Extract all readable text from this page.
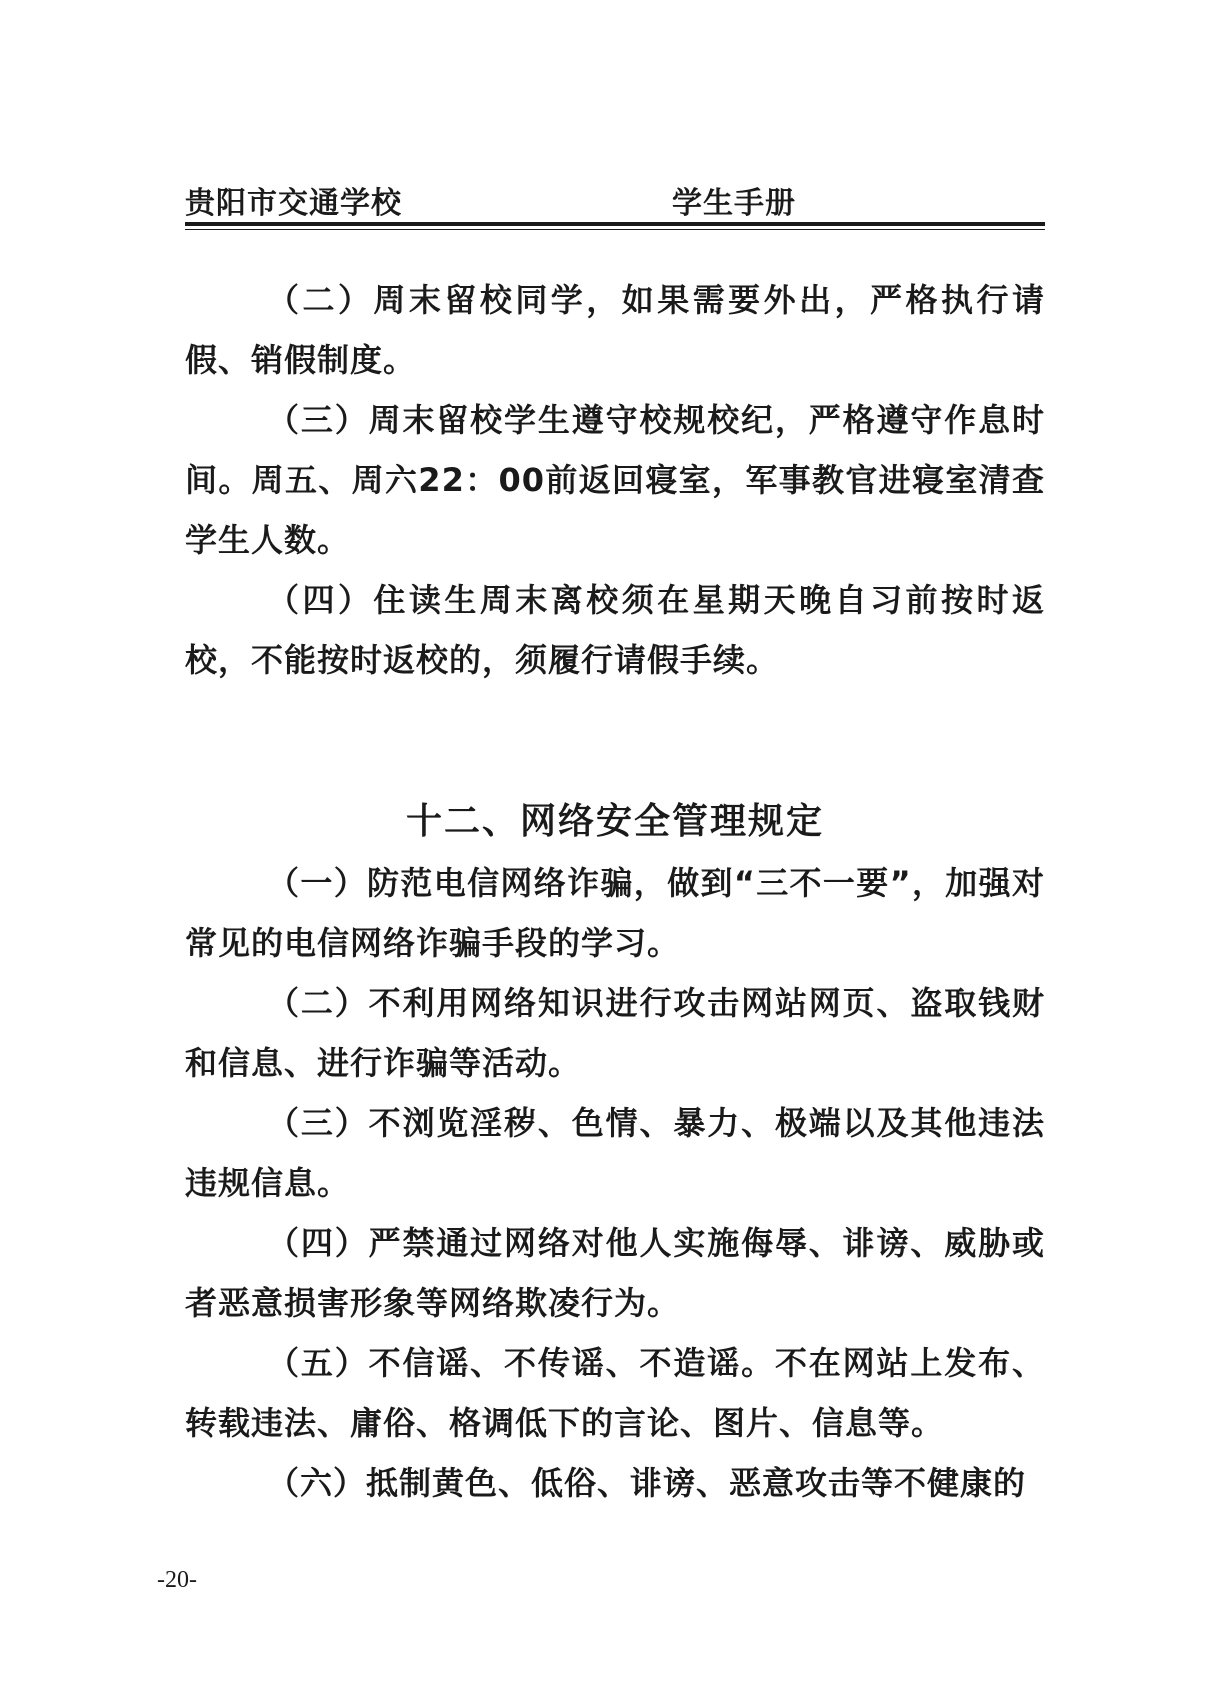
贵阳市交通学校	学生手册

（二）周末留校同学，如果需要外出，严格执行请假、销假制度。

（三）周末留校学生遵守校规校纪，严格遵守作息时间。周五、周六22：00前返回寝室，军事教官进寝室清查学生人数。

（四）住读生周末离校须在星期天晚自习前按时返校，不能按时返校的，须履行请假手续。

十二、网络安全管理规定

（一）防范电信网络诈骗，做到“三不一要”，加强对常见的电信网络诈骗手段的学习。

（二）不利用网络知识进行攻击网站网页、盗取钱财和信息、进行诈骗等活动。

（三）不浏览淫秽、色情、暴力、极端以及其他违法违规信息。

（四）严禁通过网络对他人实施侮辱、诽谤、威胁或者恶意损害形象等网络欺凌行为。

（五）不信谣、不传谣、不造谣。不在网站上发布、转载违法、庸俗、格调低下的言论、图片、信息等。

（六）抵制黄色、低俗、诽谤、恶意攻击等不健康的

-20-
